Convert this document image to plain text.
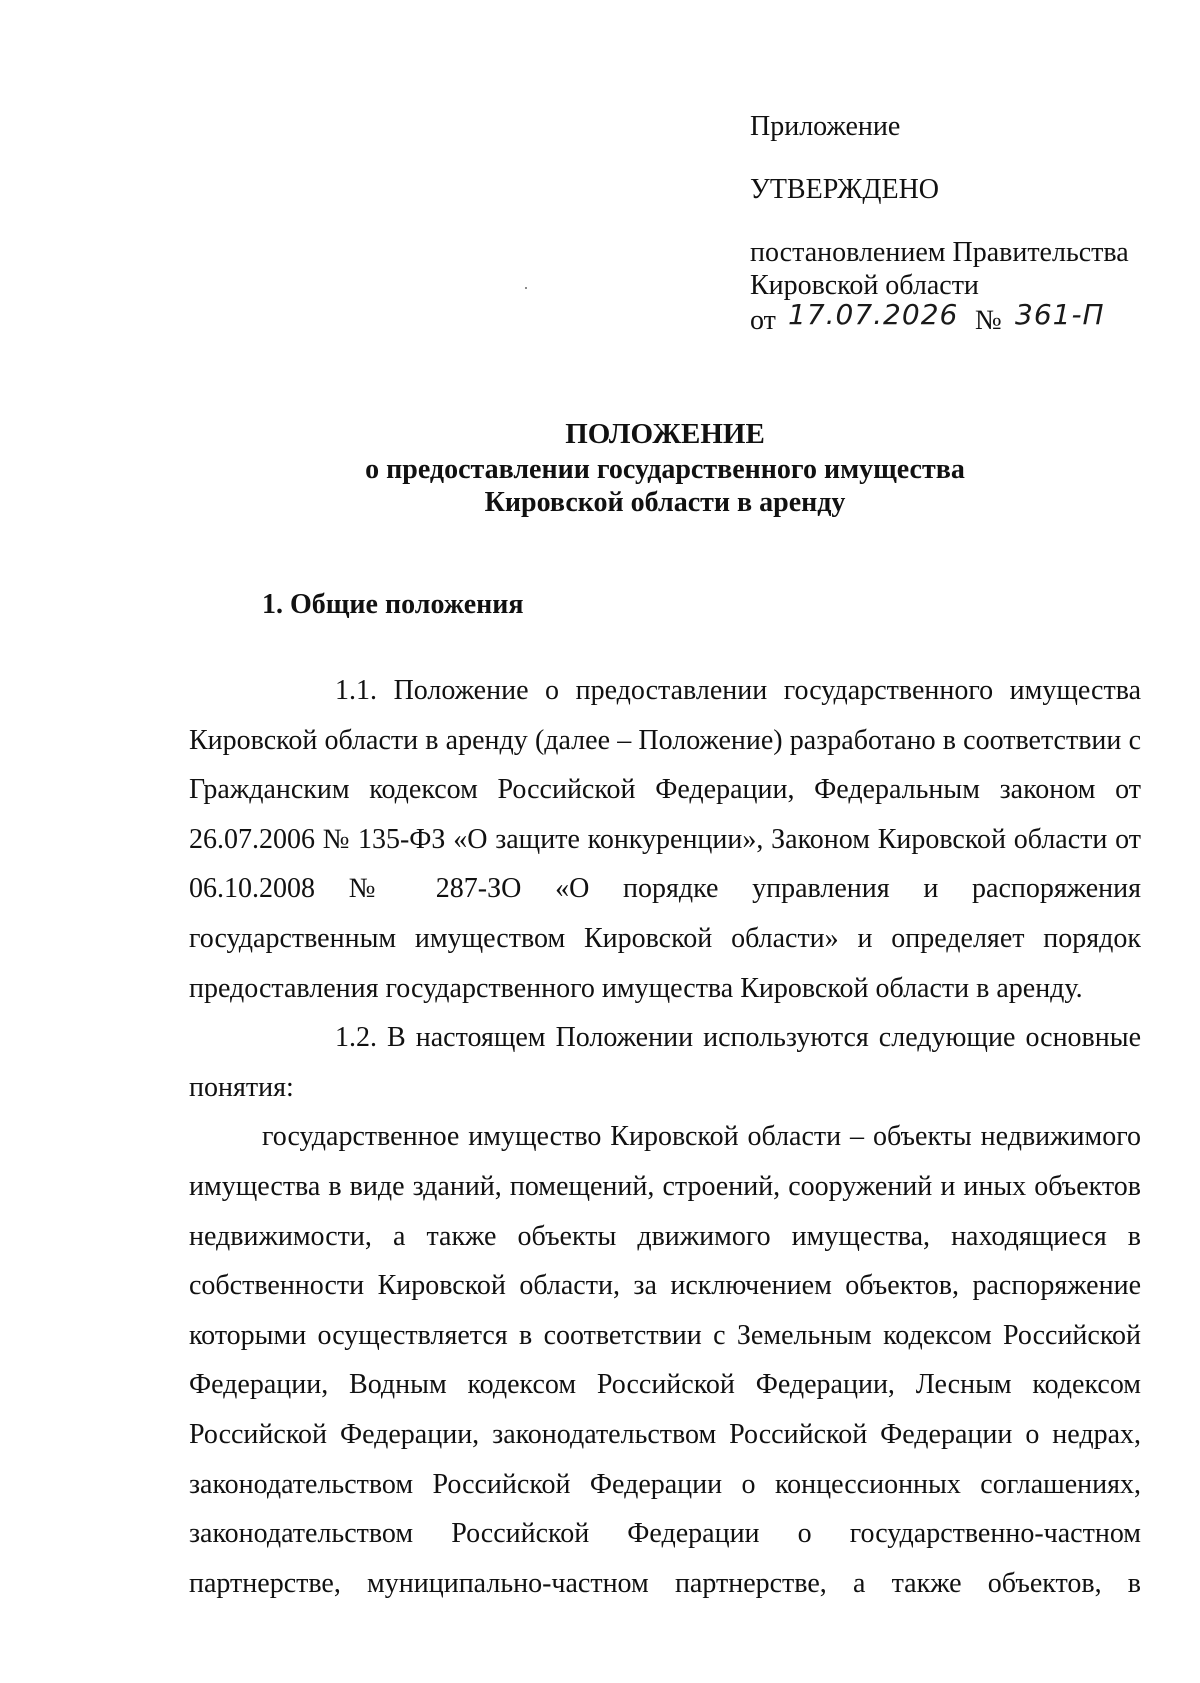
Приложение
УТВЕРЖДЕНО
постановлением Правительства
Кировской области
от 17.07.2026 № 361-П
ПОЛОЖЕНИЕ
о предоставлении государственного имущества
Кировской области в аренду
1. Общие положения

1.1. Положение о предоставлении государственного имущества Кировской области в аренду (далее – Положение) разработано в соответствии с Гражданским кодексом Российской Федерации, Федеральным законом от 26.07.2006 № 135-ФЗ «О защите конкуренции», Законом Кировской области от 06.10.2008 № 287-ЗО «О порядке управления и распоряжения государственным имуществом Кировской области» и определяет порядок предоставления государственного имущества Кировской области в аренду.

1.2. В настоящем Положении используются следующие основные понятия:

государственное имущество Кировской области – объекты недвижимого имущества в виде зданий, помещений, строений, сооружений и иных объектов недвижимости, а также объекты движимого имущества, находящиеся в собственности Кировской области, за исключением объектов, распоряжение которыми осуществляется в соответствии с Земельным кодексом Российской Федерации, Водным кодексом Российской Федерации, Лесным кодексом Российской Федерации, законодательством Российской Федерации о недрах, законодательством Российской Федерации о концессионных соглашениях, законодательством Российской Федерации о государственно-частном партнерстве, муниципально-частном партнерстве, а также объектов, в
